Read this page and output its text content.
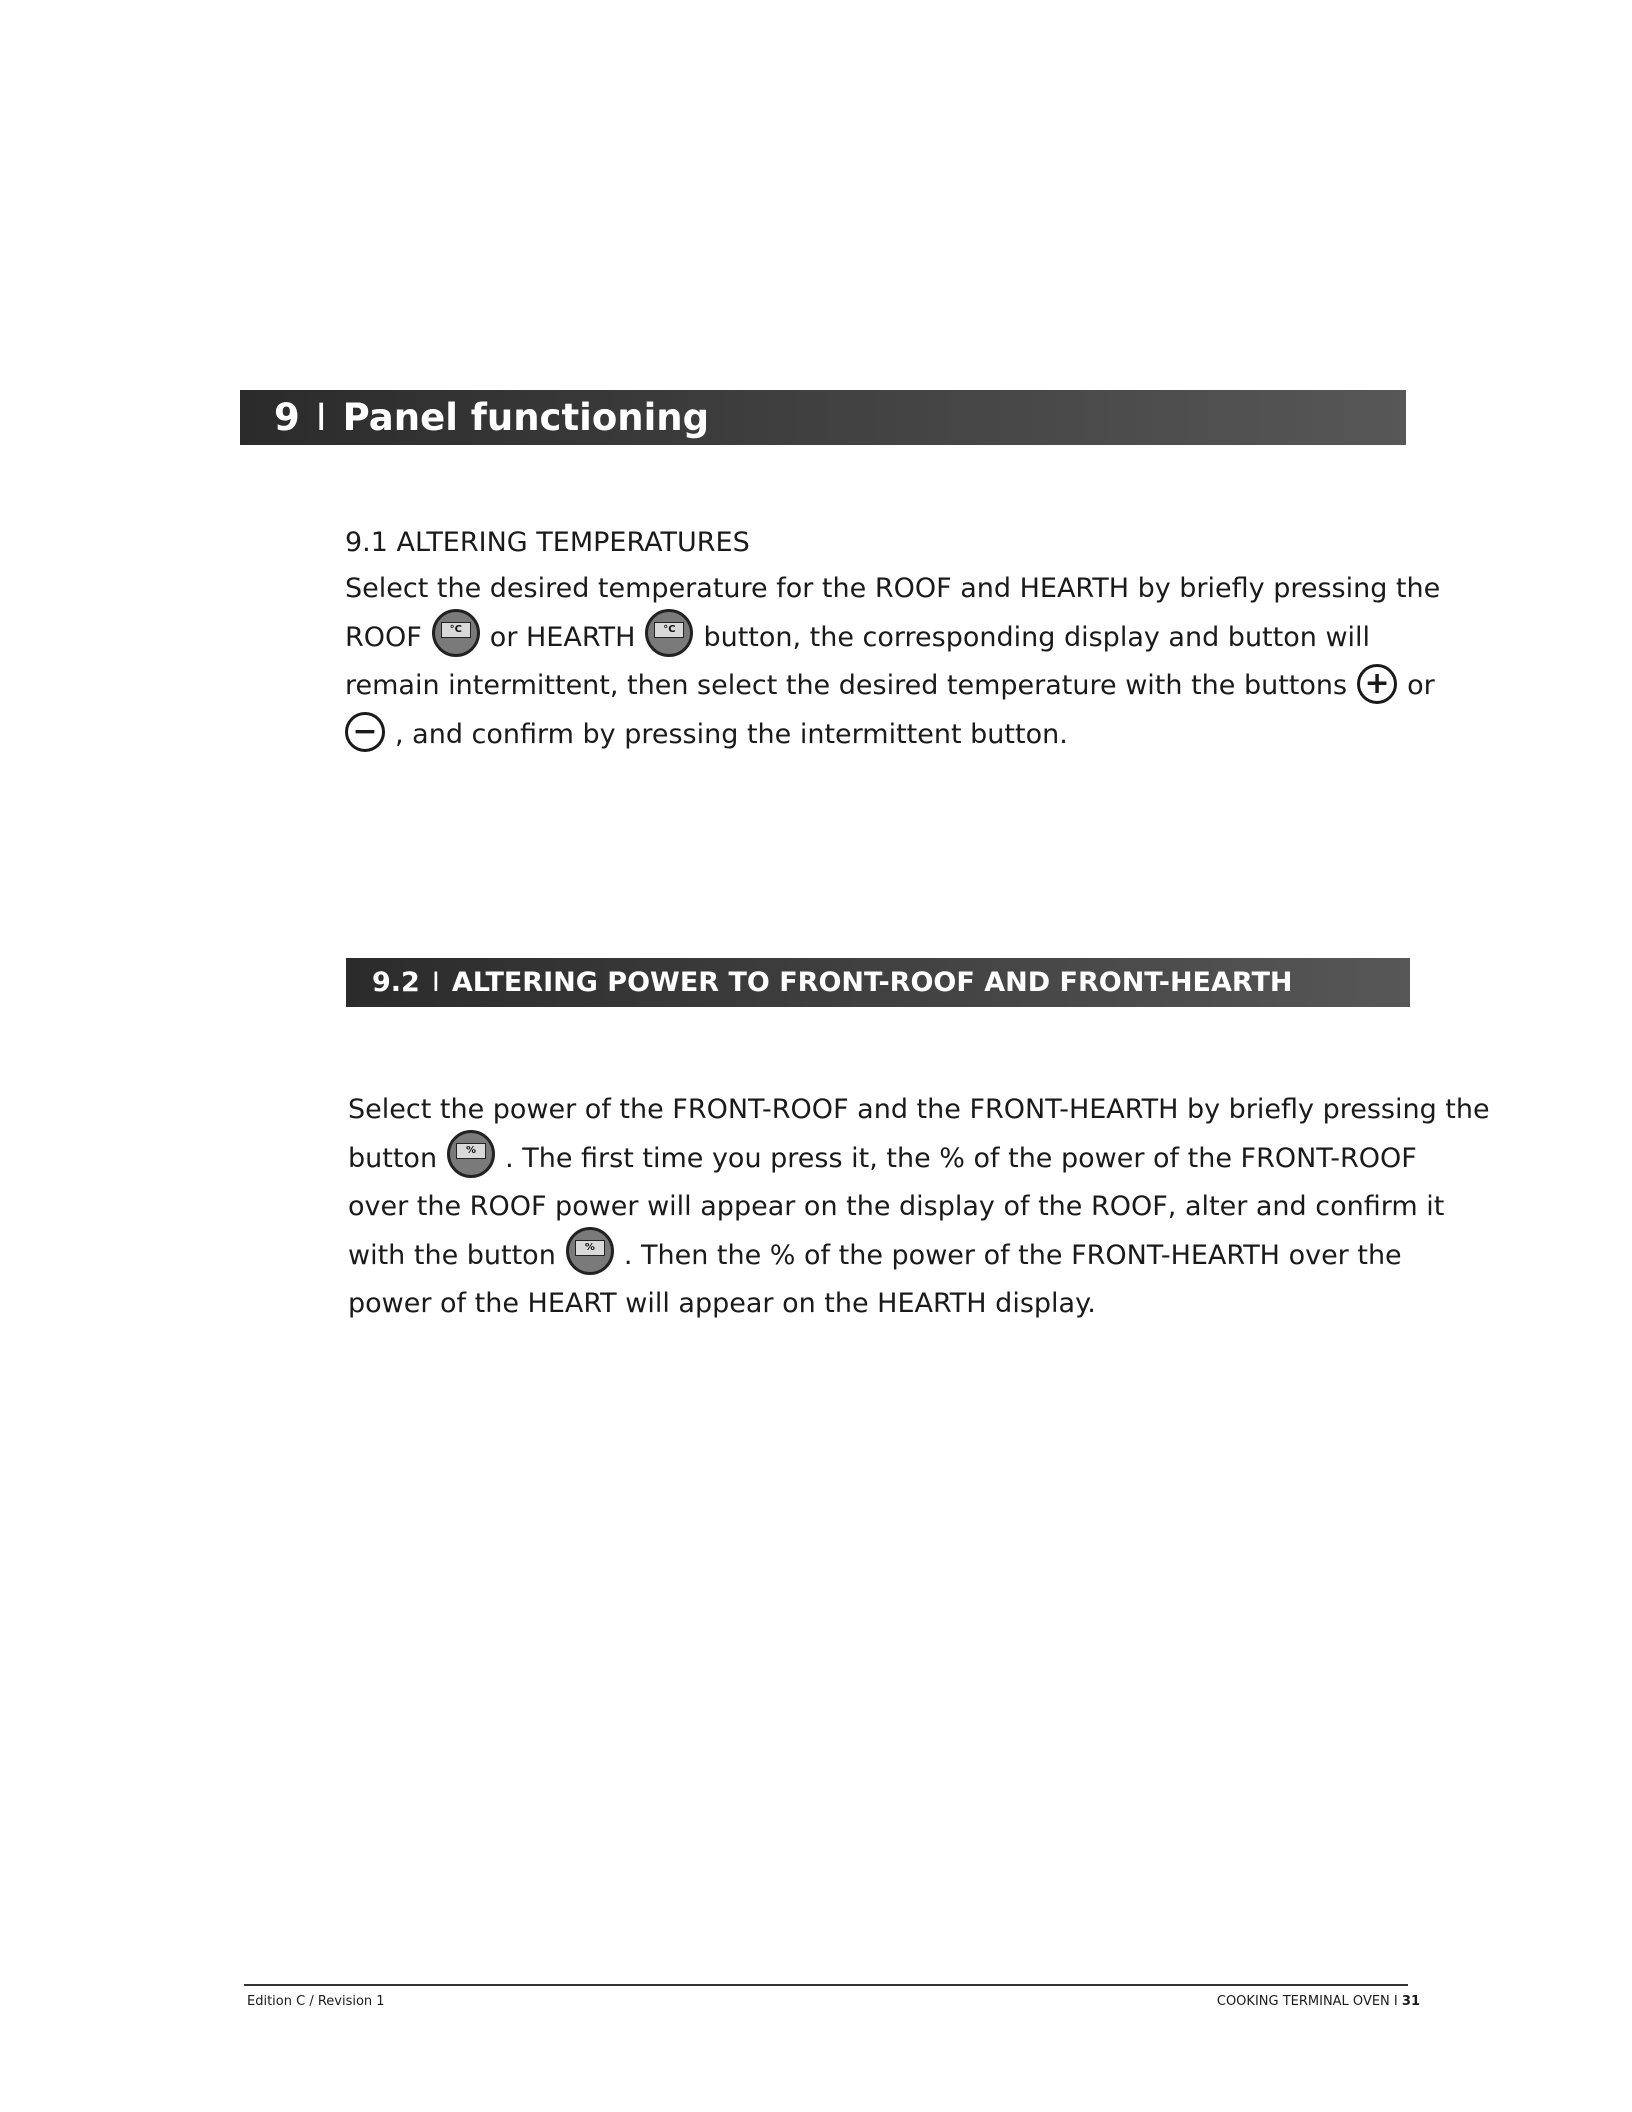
9 I Panel functioning
9.1 ALTERING TEMPERATURES
Select the desired temperature for the ROOF and HEARTH by briefly pressing the
ROOF	°C	or HEARTH	°C	button, the corresponding display and button will
remain intermittent, then select the desired temperature with the buttons + or
− , and confirm by pressing the intermittent button.
9.2 I ALTERING POWER TO FRONT-ROOF AND FRONT-HEARTH
Select the power of the FRONT-ROOF and the FRONT-HEARTH by briefly pressing the
button	%	. The first time you press it, the % of the power of the FRONT-ROOF
over the ROOF power will appear on the display of the ROOF, alter and confirm it
with the button	%	. Then the % of the power of the FRONT-HEARTH over the
power of the HEART will appear on the HEARTH display.
Edition C / Revision 1	COOKING TERMINAL OVEN I 31
